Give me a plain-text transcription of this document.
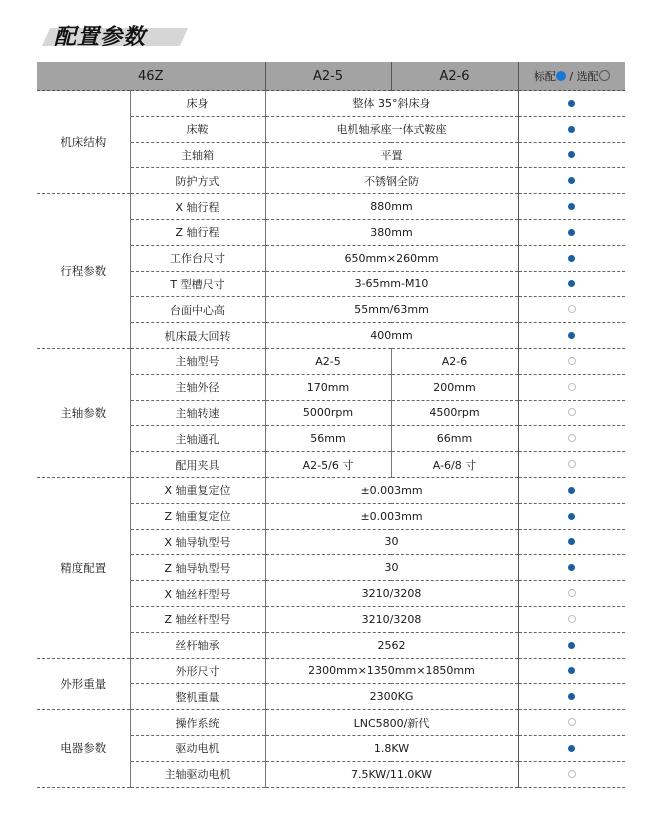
配置参数
46Z		A2-5	A2-6	标配 / 选配
机床结构	床身	整体 35°斜床身		
	床鞍	电机轴承座一体式鞍座		
	主轴箱	平置		
	防护方式	不锈钢全防		
行程参数	X 轴行程	880mm		
	Z 轴行程	380mm		
	工作台尺寸	650mm×260mm		
	T 型槽尺寸	3-65mm-M10		
	台面中心高	55mm/63mm		
	机床最大回转	400mm		
主轴参数	主轴型号	A2-5	A2-6	
	主轴外径	170mm	200mm	
	主轴转速	5000rpm	4500rpm	
	主轴通孔	56mm	66mm	
	配用夹具	A2-5/6 寸	A-6/8 寸	
精度配置	X 轴重复定位	±0.003mm		
	Z 轴重复定位	±0.003mm		
	X 轴导轨型号	30		
	Z 轴导轨型号	30		
	X 轴丝杆型号	3210/3208		
	Z 轴丝杆型号	3210/3208		
	丝杆轴承	2562		
外形重量	外形尺寸	2300mm×1350mm×1850mm		
	整机重量	2300KG		
电器参数	操作系统	LNC5800/新代		
	驱动电机	1.8KW		
	主轴驱动电机	7.5KW/11.0KW		
